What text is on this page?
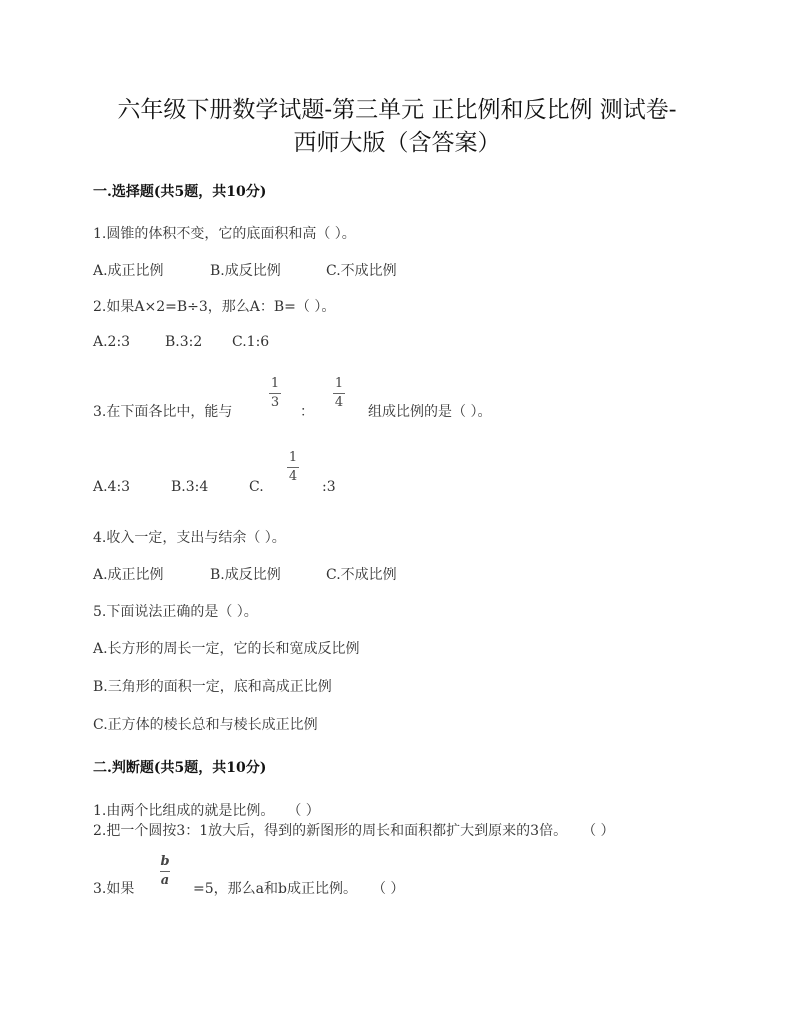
六年级下册数学试题-第三单元 正比例和反比例 测试卷-
西师大版（含答案）
一.选择题(共5题，共10分)
1.圆锥的体积不变，它的底面积和高（ ）。
A.成正比例	B.成反比例	C.不成比例
2.如果A×2=B÷3，那么A：B=（ ）。
A.2:3 B.3:2 C.1:6
3.在下面各比中，能与
1
3
：
1
4
组成比例的是（ ）。
A.4:3	B.3:4	C.
1
4
:3
4.收入一定，支出与结余（ ）。
A.成正比例	B.成反比例	C.不成比例
5.下面说法正确的是（ ）。
A.长方形的周长一定，它的长和宽成反比例
B.三角形的面积一定，底和高成正比例
C.正方体的棱长总和与棱长成正比例
二.判断题(共5题，共10分)
1.由两个比组成的就是比例。 （ ）
2.把一个圆按3：1放大后，得到的新图形的周长和面积都扩大到原来的3倍。 （ ）
3.如果
b
a
=5，那么a和b成正比例。 （ ）
